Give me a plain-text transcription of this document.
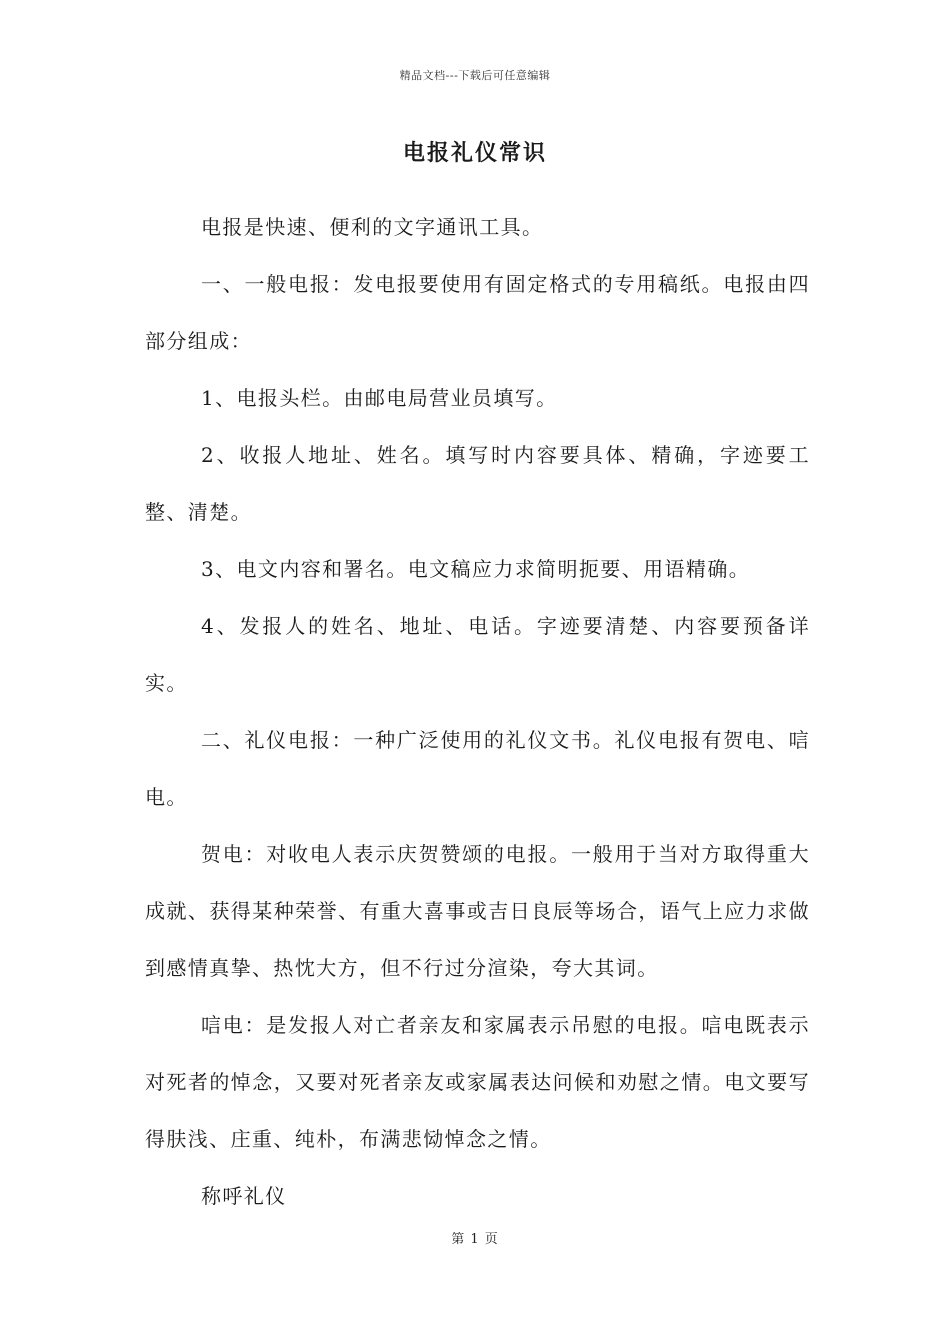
精品文档---下载后可任意编辑
电报礼仪常识

电报是快速、便利的文字通讯工具。

一、一般电报：发电报要使用有固定格式的专用稿纸。电报由四部分组成：

1、电报头栏。由邮电局营业员填写。

2、收报人地址、姓名。填写时内容要具体、精确，字迹要工整、清楚。

3、电文内容和署名。电文稿应力求简明扼要、用语精确。

4、发报人的姓名、地址、电话。字迹要清楚、内容要预备详实。

二、礼仪电报：一种广泛使用的礼仪文书。礼仪电报有贺电、唁电。

贺电：对收电人表示庆贺赞颂的电报。一般用于当对方取得重大成就、获得某种荣誉、有重大喜事或吉日良辰等场合，语气上应力求做到感情真挚、热忱大方，但不行过分渲染，夸大其词。

唁电：是发报人对亡者亲友和家属表示吊慰的电报。唁电既表示对死者的悼念，又要对死者亲友或家属表达问候和劝慰之情。电文要写得肤浅、庄重、纯朴，布满悲恸悼念之情。

称呼礼仪

第 1 页
